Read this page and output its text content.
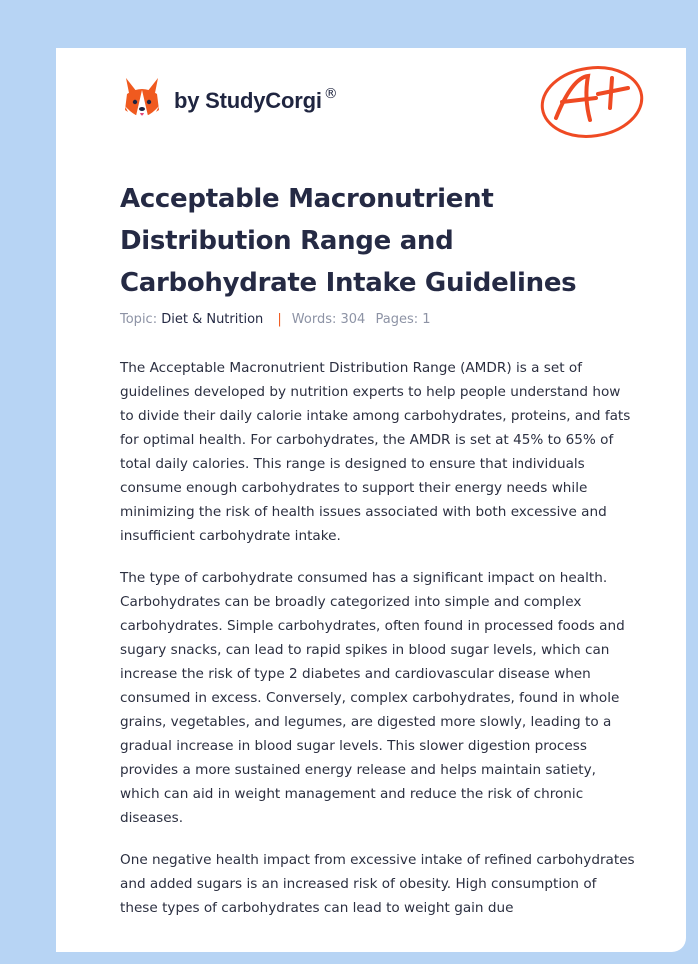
by StudyCorgi ®
Acceptable Macronutrient Distribution Range and Carbohydrate Intake Guidelines
Topic: Diet & Nutrition | Words: 304 Pages: 1

The Acceptable Macronutrient Distribution Range (AMDR) is a set of guidelines developed by nutrition experts to help people understand how to divide their daily calorie intake among carbohydrates, proteins, and fats for optimal health. For carbohydrates, the AMDR is set at 45% to 65% of total daily calories. This range is designed to ensure that individuals consume enough carbohydrates to support their energy needs while minimizing the risk of health issues associated with both excessive and insufficient carbohydrate intake.

The type of carbohydrate consumed has a significant impact on health. Carbohydrates can be broadly categorized into simple and complex carbohydrates. Simple carbohydrates, often found in processed foods and sugary snacks, can lead to rapid spikes in blood sugar levels, which can increase the risk of type 2 diabetes and cardiovascular disease when consumed in excess. Conversely, complex carbohydrates, found in whole grains, vegetables, and legumes, are digested more slowly, leading to a gradual increase in blood sugar levels. This slower digestion process provides a more sustained energy release and helps maintain satiety, which can aid in weight management and reduce the risk of chronic diseases.

One negative health impact from excessive intake of refined carbohydrates and added sugars is an increased risk of obesity. High consumption of these types of carbohydrates can lead to weight gain due
